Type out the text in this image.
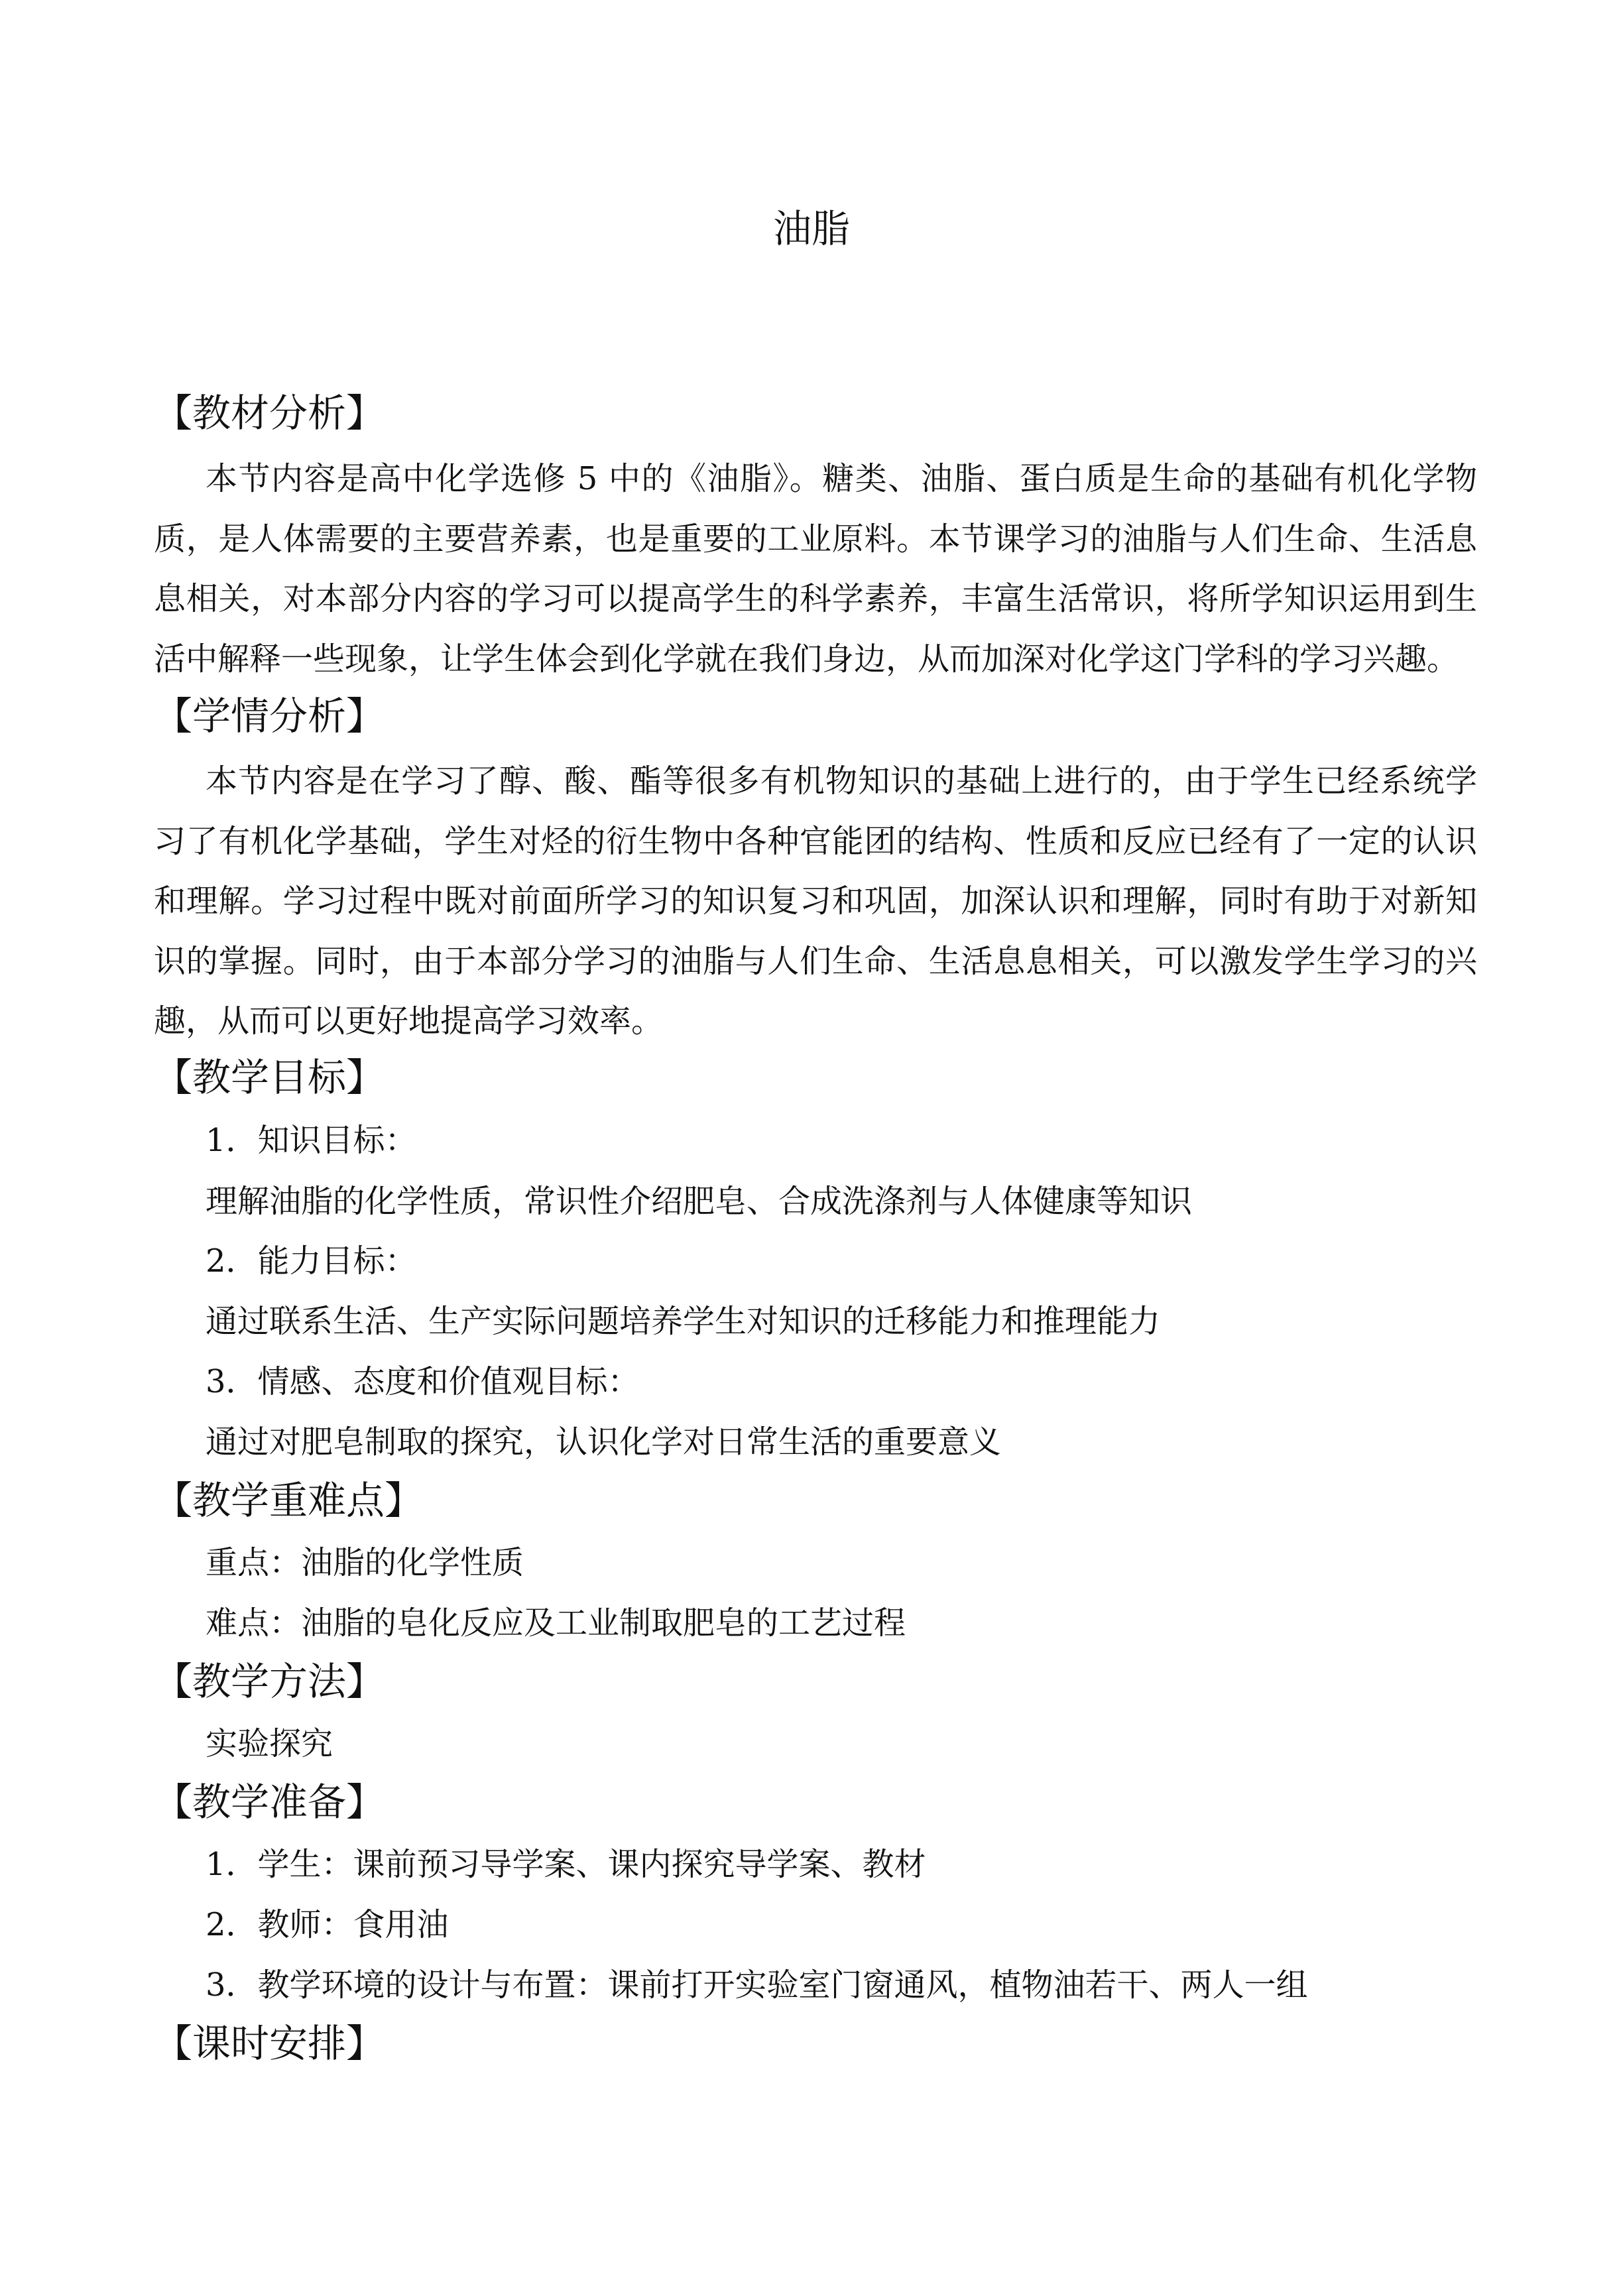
油脂
【教材分析】

本节内容是高中化学选修 5 中的《油脂》。糖类、油脂、蛋白质是生命的基础有机化学物质，是人体需要的主要营养素，也是重要的工业原料。本节课学习的油脂与人们生命、生活息息相关，对本部分内容的学习可以提高学生的科学素养，丰富生活常识，将所学知识运用到生活中解释一些现象，让学生体会到化学就在我们身边，从而加深对化学这门学科的学习兴趣。

【学情分析】

本节内容是在学习了醇、酸、酯等很多有机物知识的基础上进行的，由于学生已经系统学习了有机化学基础，学生对烃的衍生物中各种官能团的结构、性质和反应已经有了一定的认识和理解。学习过程中既对前面所学习的知识复习和巩固，加深认识和理解，同时有助于对新知识的掌握。同时，由于本部分学习的油脂与人们生命、生活息息相关，可以激发学生学习的兴趣，从而可以更好地提高学习效率。

【教学目标】
1．知识目标：
理解油脂的化学性质，常识性介绍肥皂、合成洗涤剂与人体健康等知识
2．能力目标：
通过联系生活、生产实际问题培养学生对知识的迁移能力和推理能力
3．情感、态度和价值观目标：
通过对肥皂制取的探究，认识化学对日常生活的重要意义
【教学重难点】
重点：油脂的化学性质
难点：油脂的皂化反应及工业制取肥皂的工艺过程
【教学方法】
实验探究
【教学准备】
1．学生：课前预习导学案、课内探究导学案、教材
2．教师：食用油
3．教学环境的设计与布置：课前打开实验室门窗通风，植物油若干、两人一组
【课时安排】
